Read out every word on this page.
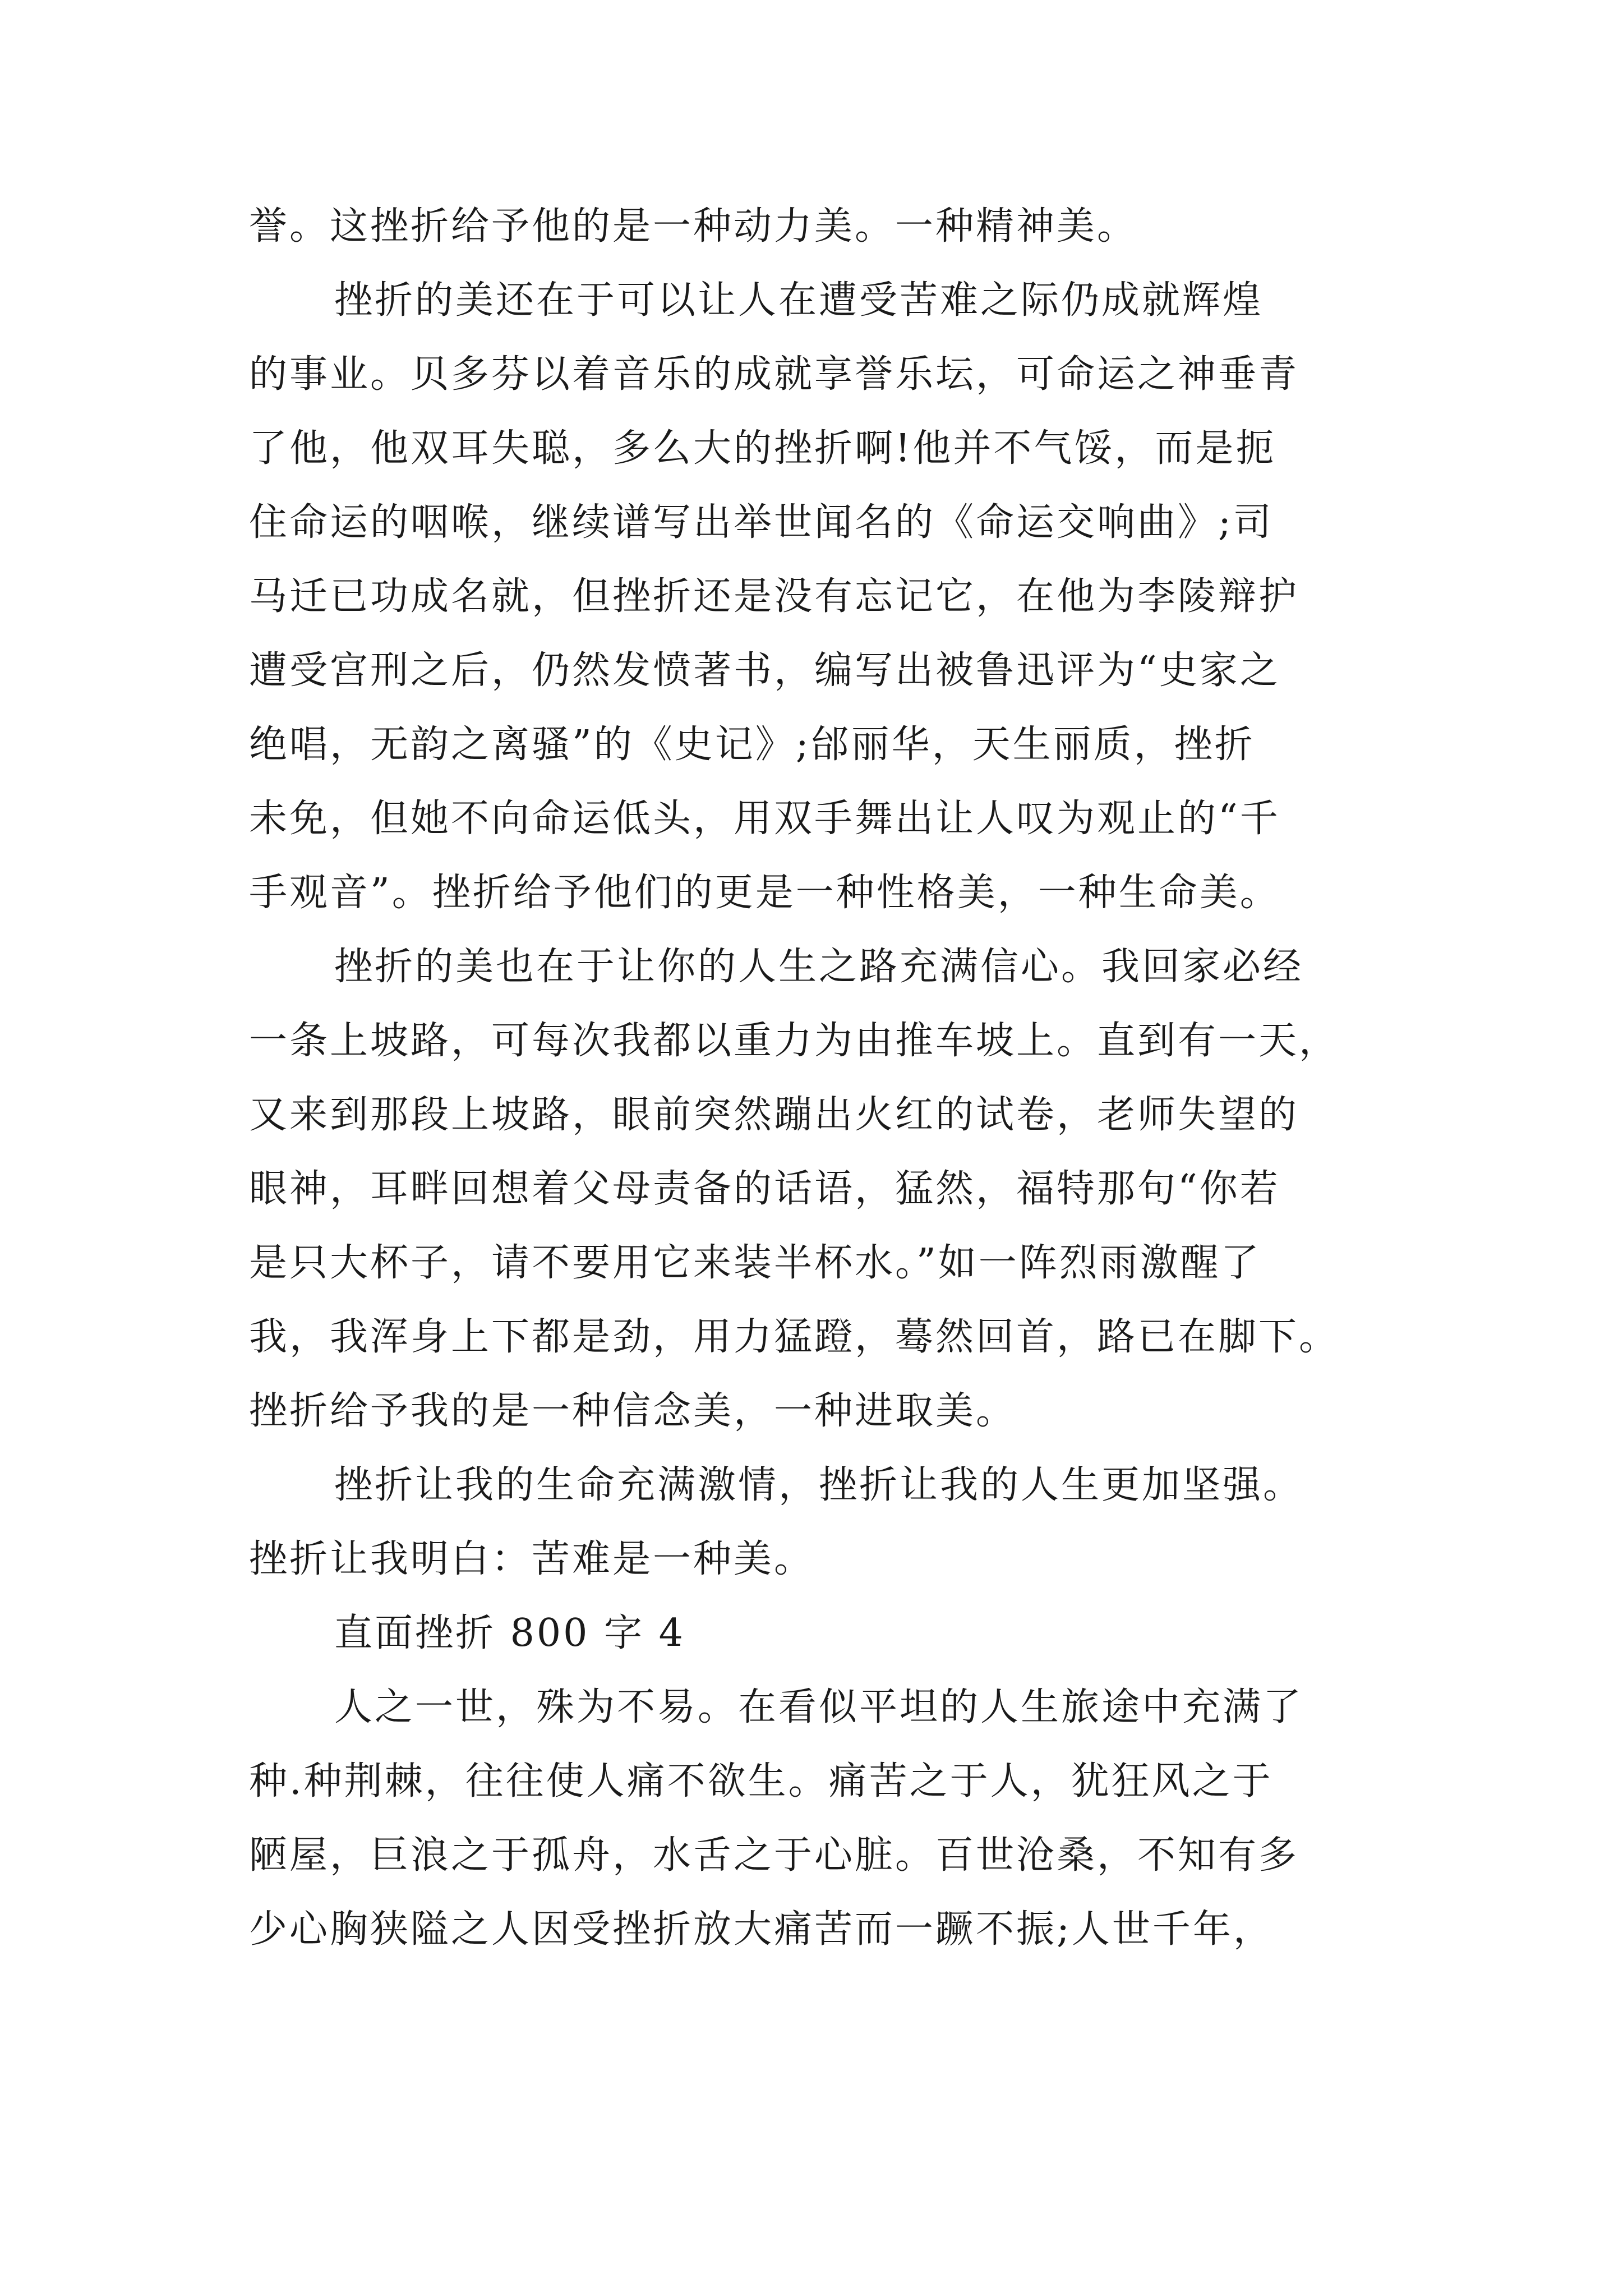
誉。这挫折给予他的是一种动力美。一种精神美。
挫折的美还在于可以让人在遭受苦难之际仍成就辉煌
的事业。贝多芬以着音乐的成就享誉乐坛，可命运之神垂青
了他，他双耳失聪，多么大的挫折啊!他并不气馁，而是扼
住命运的咽喉，继续谱写出举世闻名的《命运交响曲》;司
马迁已功成名就，但挫折还是没有忘记它，在他为李陵辩护
遭受宫刑之后，仍然发愤著书，编写出被鲁迅评为“史家之
绝唱，无韵之离骚”的《史记》;邰丽华，天生丽质，挫折
未免，但她不向命运低头，用双手舞出让人叹为观止的“千
手观音”。挫折给予他们的更是一种性格美，一种生命美。
挫折的美也在于让你的人生之路充满信心。我回家必经
一条上坡路，可每次我都以重力为由推车坡上。直到有一天，
又来到那段上坡路，眼前突然蹦出火红的试卷，老师失望的
眼神，耳畔回想着父母责备的话语，猛然，福特那句“你若
是只大杯子，请不要用它来装半杯水。”如一阵烈雨激醒了
我，我浑身上下都是劲，用力猛蹬，蓦然回首，路已在脚下。
挫折给予我的是一种信念美，一种进取美。
挫折让我的生命充满激情，挫折让我的人生更加坚强。
挫折让我明白：苦难是一种美。
直面挫折 800 字 4
人之一世，殊为不易。在看似平坦的人生旅途中充满了
种.种荆棘，往往使人痛不欲生。痛苦之于人，犹狂风之于
陋屋，巨浪之于孤舟，水舌之于心脏。百世沧桑，不知有多
少心胸狭隘之人因受挫折放大痛苦而一蹶不振;人世千年，
